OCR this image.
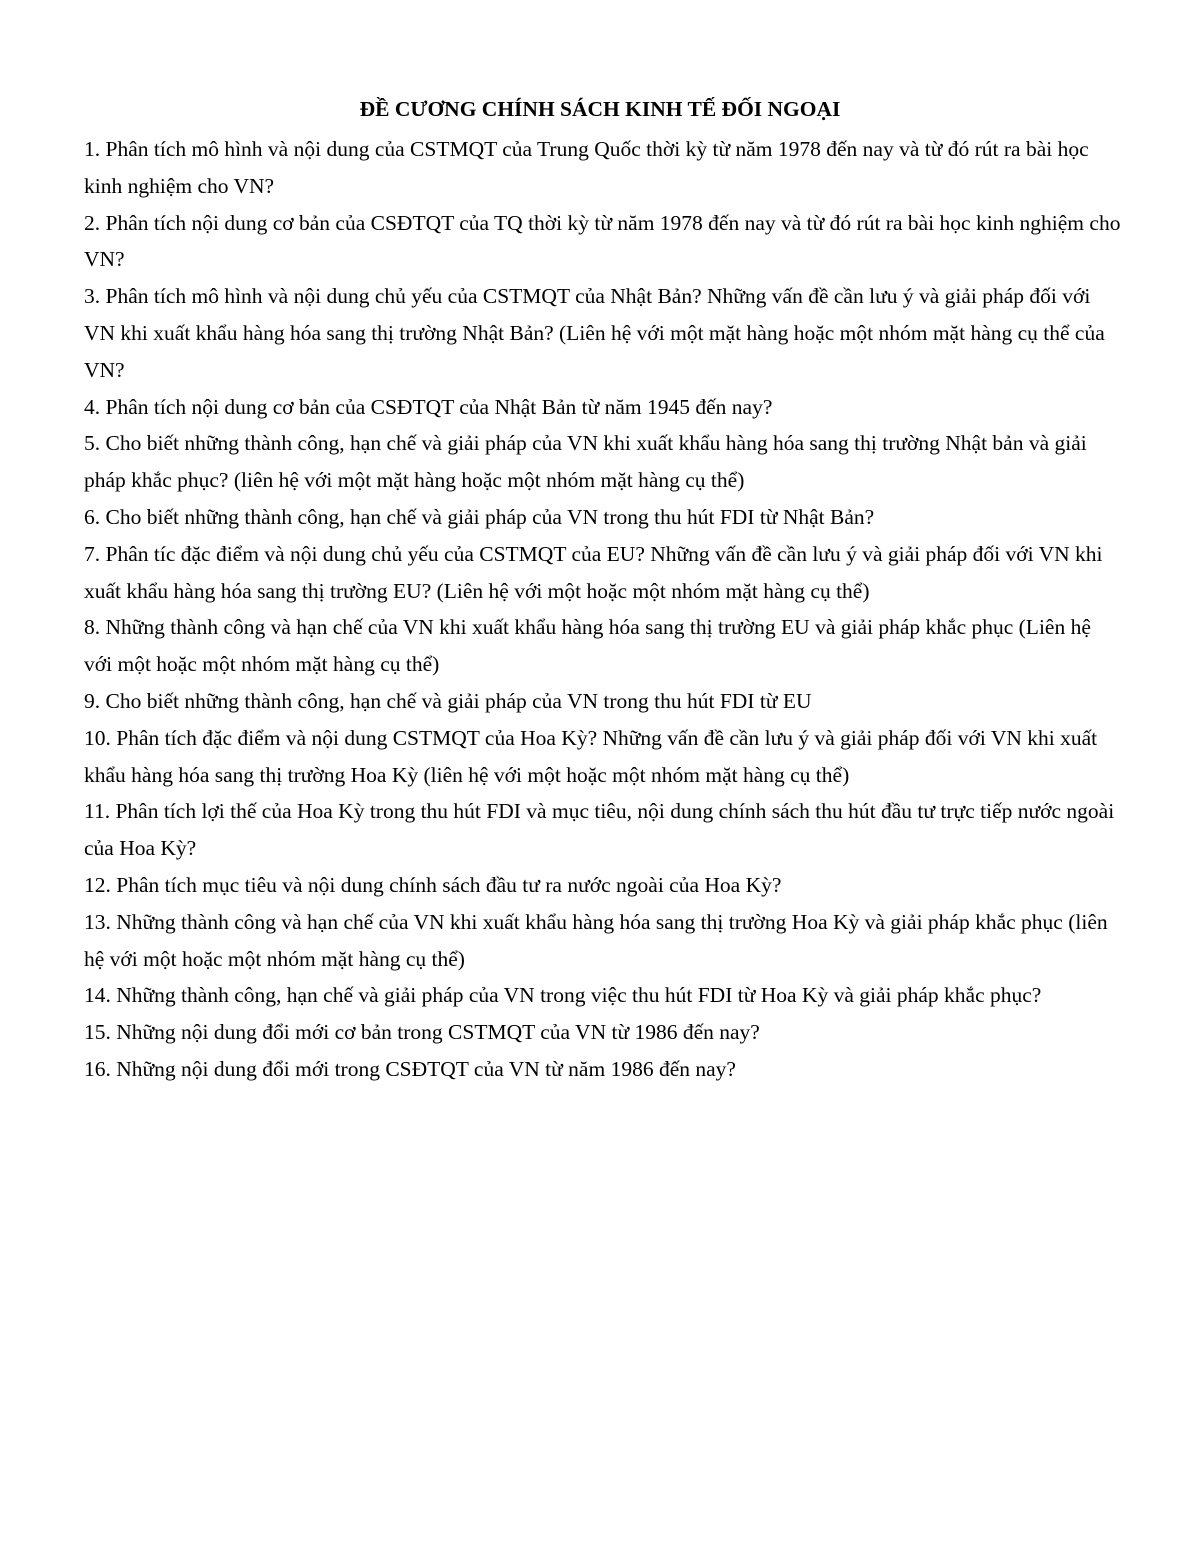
ĐỀ CƯƠNG CHÍNH SÁCH KINH TẾ ĐỐI NGOẠI
1. Phân tích mô hình và nội dung của CSTMQT của Trung Quốc thời kỳ từ năm 1978 đến nay và từ đó rút ra bài học kinh nghiệm cho VN?
2. Phân tích nội dung cơ bản của CSĐTQT của TQ thời kỳ từ năm 1978 đến nay và từ đó rút ra bài học kinh nghiệm cho VN?
3. Phân tích mô hình và nội dung chủ yếu của CSTMQT của Nhật Bản? Những vấn đề cần lưu ý và giải pháp đối với VN khi xuất khẩu hàng hóa sang thị trường Nhật Bản? (Liên hệ với một mặt hàng hoặc một nhóm mặt hàng cụ thể của VN?
4. Phân tích nội dung cơ bản của CSĐTQT của Nhật Bản từ năm 1945 đến nay?
5. Cho biết những thành công, hạn chế và giải pháp của VN khi xuất khẩu hàng hóa sang thị trường Nhật bản và giải pháp khắc phục? (liên hệ với một mặt hàng hoặc một nhóm mặt hàng cụ thể)
6. Cho biết những thành công, hạn chế và giải pháp của VN trong thu hút FDI từ Nhật Bản?
7. Phân tíc đặc điểm và nội dung chủ yếu của CSTMQT của EU? Những vấn đề cần lưu ý và giải pháp đối với VN khi xuất khẩu hàng hóa sang thị trường EU? (Liên hệ với một hoặc một nhóm mặt hàng cụ thể)
8. Những thành công và hạn chế của VN khi xuất khẩu hàng hóa sang thị trường EU và giải pháp khắc phục (Liên hệ với một hoặc một nhóm mặt hàng cụ thể)
9. Cho biết những thành công, hạn chế và giải pháp của VN trong thu hút FDI từ EU
10. Phân tích đặc điểm và nội dung CSTMQT của Hoa Kỳ? Những vấn đề cần lưu ý và giải pháp đối với VN khi xuất khẩu hàng hóa sang thị trường Hoa Kỳ (liên hệ với một hoặc một nhóm mặt hàng cụ thể)
11. Phân tích lợi thế của Hoa Kỳ trong thu hút FDI và mục tiêu, nội dung chính sách thu hút đầu tư trực tiếp nước ngoài của Hoa Kỳ?
12. Phân tích mục tiêu và nội dung chính sách đầu tư ra nước ngoài của Hoa Kỳ?
13. Những thành công và hạn chế của VN khi xuất khẩu hàng hóa sang thị trường Hoa Kỳ và giải pháp khắc phục (liên hệ với một hoặc một nhóm mặt hàng cụ thể)
14. Những thành công, hạn chế và giải pháp của VN trong việc thu hút FDI từ Hoa Kỳ và giải pháp khắc phục?
15. Những nội dung đổi mới cơ bản trong CSTMQT của VN từ 1986 đến nay?
16. Những nội dung đổi mới trong CSĐTQT của VN từ năm 1986 đến nay?
